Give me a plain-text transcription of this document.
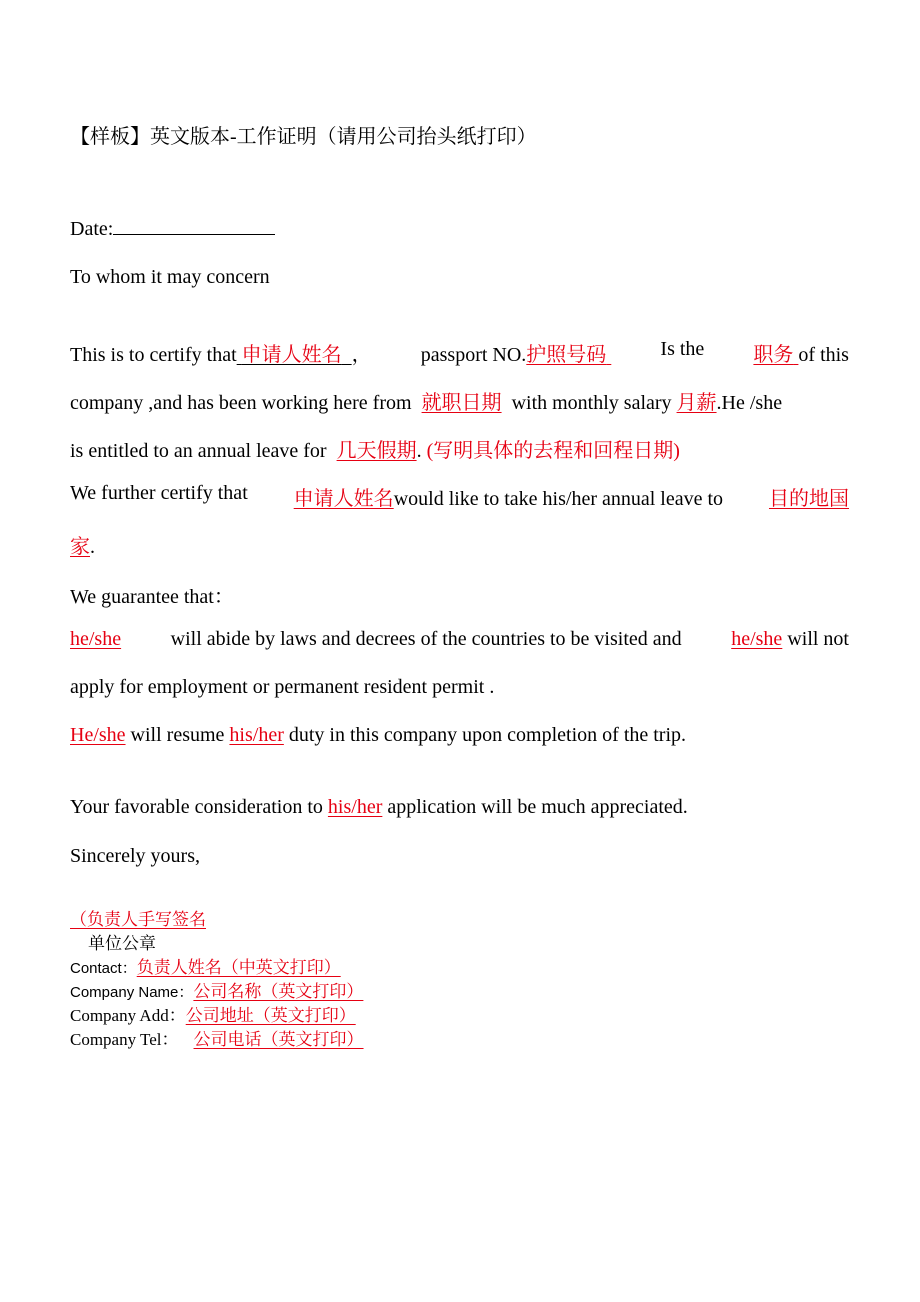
【样板】英文版本-工作证明（请用公司抬头纸打印）
Date:
To whom it may concern
This is to certify that 申请人姓名 ， passport NO.护照号码	Is the 职务 of this
company ,and has been working here from 就职日期 with monthly salary 月薪.He /she
is entitled to an annual leave for 几天假期. (写明具体的去程和回程日期)
We further certify that 申请人姓名would like to take his/her annual leave to 目的地国
家.
We guarantee that：
he/she will abide by laws and decrees of the countries to be visited and he/she will not
apply for employment or permanent resident permit .
He/she will resume his/her duty in this company upon completion of the trip.
Your favorable consideration to his/her application will be much appreciated.
Sincerely yours,
（负责人手写签名
单位公章
Contact：负责人姓名（中英文打印）
Company Name：公司名称（英文打印）
Company Add：公司地址（英文打印）
Company Tel： 公司电话（英文打印）
